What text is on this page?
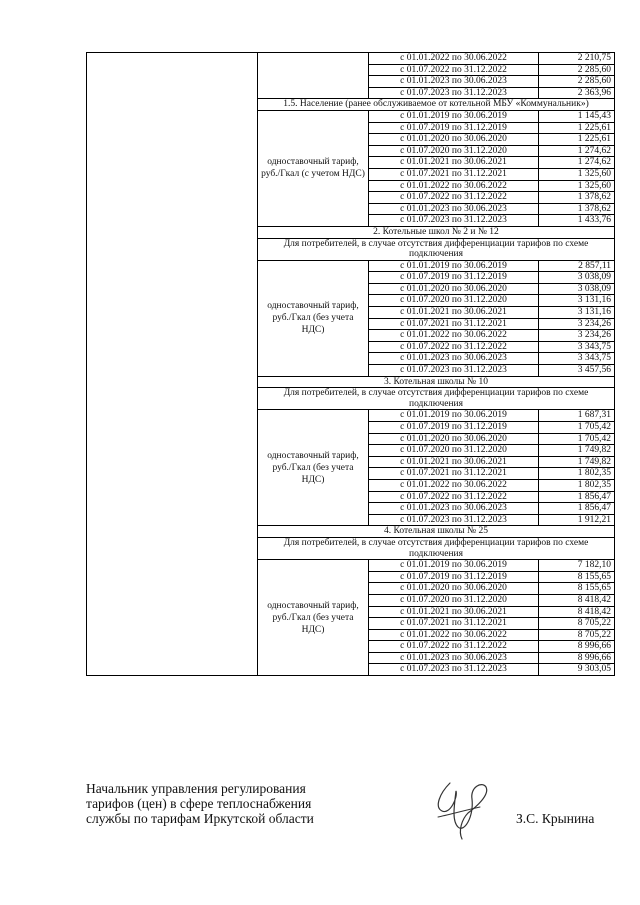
		с 01.01.2022 по 30.06.2022	2 210,75
		с 01.07.2022 по 31.12.2022	2 285,60
		с 01.01.2023 по 30.06.2023	2 285,60
		с 01.07.2023 по 31.12.2023	2 363,96
	1.5. Население (ранее обслуживаемое от котельной МБУ «Коммунальник»)		
	одноставочный тариф, руб./Гкал (с учетом НДС)	с 01.01.2019 по 30.06.2019	1 145,43
		с 01.07.2019 по 31.12.2019	1 225,61
		с 01.01.2020 по 30.06.2020	1 225,61
		с 01.07.2020 по 31.12.2020	1 274,62
		с 01.01.2021 по 30.06.2021	1 274,62
		с 01.07.2021 по 31.12.2021	1 325,60
		с 01.01.2022 по 30.06.2022	1 325,60
		с 01.07.2022 по 31.12.2022	1 378,62
		с 01.01.2023 по 30.06.2023	1 378,62
		с 01.07.2023 по 31.12.2023	1 433,76
	2. Котельные школ № 2 и № 12		
	Для потребителей, в случае отсутствия дифференциации тарифов по схеме подключения		
	одноставочный тариф, руб./Гкал (без учета НДС)	с 01.01.2019 по 30.06.2019	2 857,11
		с 01.07.2019 по 31.12.2019	3 038,09
		с 01.01.2020 по 30.06.2020	3 038,09
		с 01.07.2020 по 31.12.2020	3 131,16
		с 01.01.2021 по 30.06.2021	3 131,16
		с 01.07.2021 по 31.12.2021	3 234,26
		с 01.01.2022 по 30.06.2022	3 234,26
		с 01.07.2022 по 31.12.2022	3 343,75
		с 01.01.2023 по 30.06.2023	3 343,75
		с 01.07.2023 по 31.12.2023	3 457,56
	3. Котельная школы № 10		
	Для потребителей, в случае отсутствия дифференциации тарифов по схеме подключения		
	одноставочный тариф, руб./Гкал (без учета НДС)	с 01.01.2019 по 30.06.2019	1 687,31
		с 01.07.2019 по 31.12.2019	1 705,42
		с 01.01.2020 по 30.06.2020	1 705,42
		с 01.07.2020 по 31.12.2020	1 749,82
		с 01.01.2021 по 30.06.2021	1 749,82
		с 01.07.2021 по 31.12.2021	1 802,35
		с 01.01.2022 по 30.06.2022	1 802,35
		с 01.07.2022 по 31.12.2022	1 856,47
		с 01.01.2023 по 30.06.2023	1 856,47
		с 01.07.2023 по 31.12.2023	1 912,21
	4. Котельная школы № 25		
	Для потребителей, в случае отсутствия дифференциации тарифов по схеме подключения		
	одноставочный тариф, руб./Гкал (без учета НДС)	с 01.01.2019 по 30.06.2019	7 182,10
		с 01.07.2019 по 31.12.2019	8 155,65
		с 01.01.2020 по 30.06.2020	8 155,65
		с 01.07.2020 по 31.12.2020	8 418,42
		с 01.01.2021 по 30.06.2021	8 418,42
		с 01.07.2021 по 31.12.2021	8 705,22
		с 01.01.2022 по 30.06.2022	8 705,22
		с 01.07.2022 по 31.12.2022	8 996,66
		с 01.01.2023 по 30.06.2023	8 996,66
		с 01.07.2023 по 31.12.2023	9 303,05
Начальник управления регулирования
тарифов (цен) в сфере теплоснабжения
службы по тарифам Иркутской области	З.С. Крынина
